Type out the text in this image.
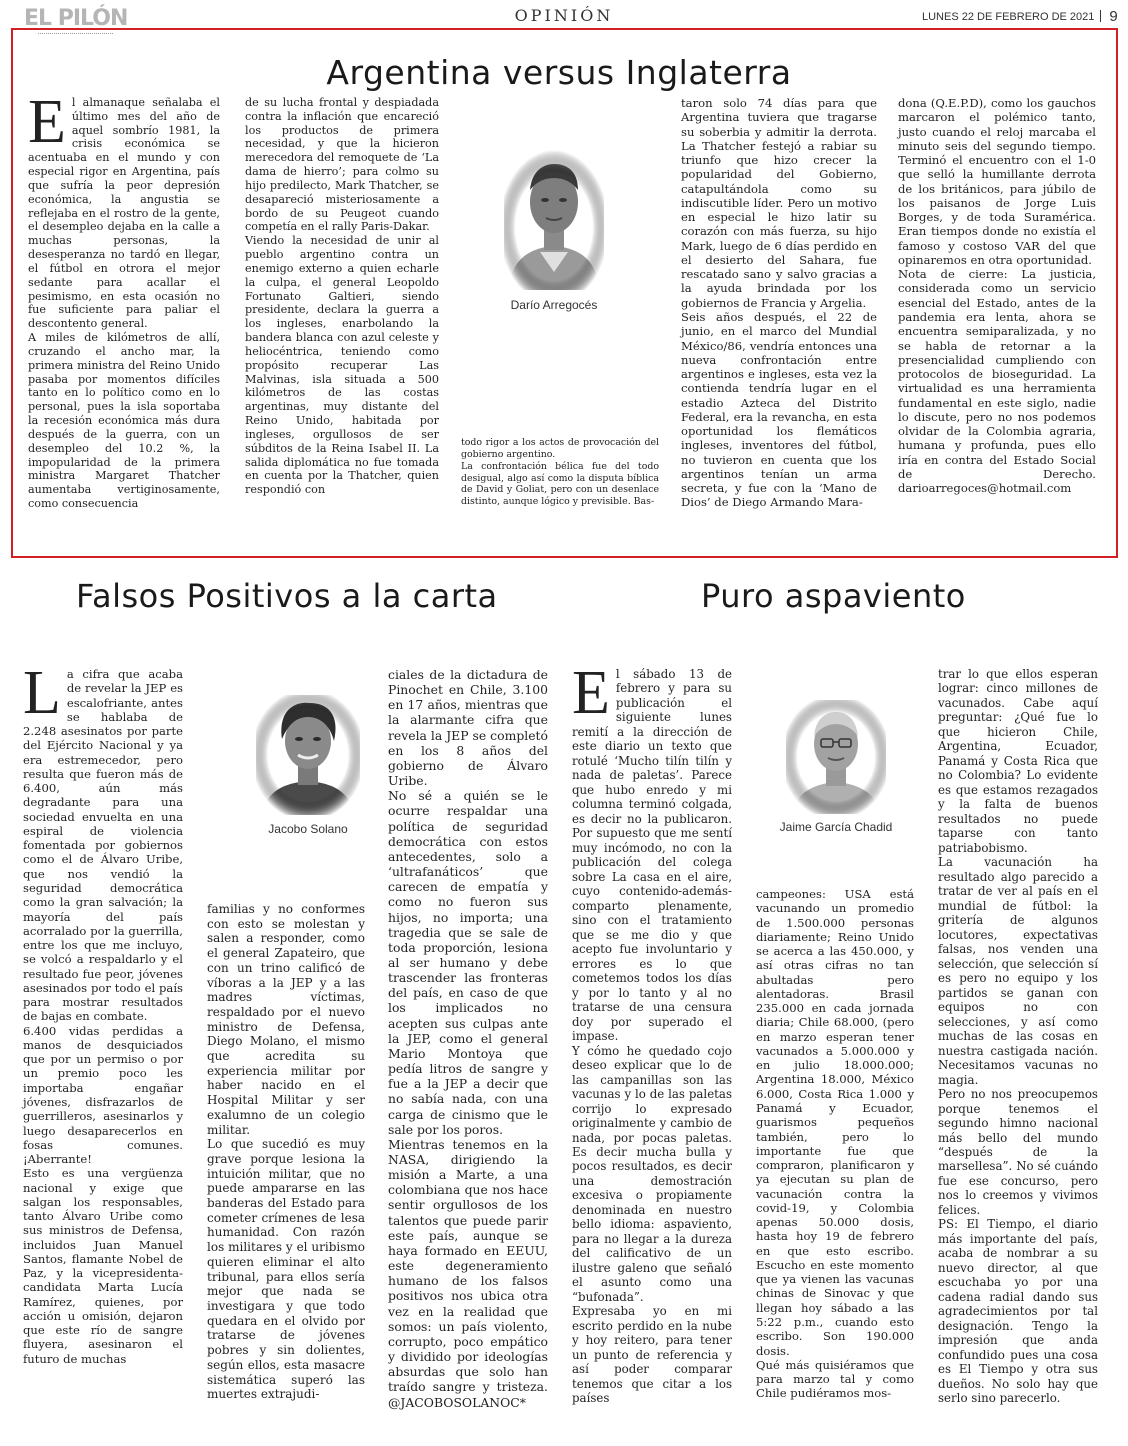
EL PILÓN	OPINIÓN	LUNES 22 DE FEBRERO DE 2021 9
Argentina versus Inglaterra
E l almanaque señalaba el último mes del año de aquel sombrío 1981, la crisis económica se acentuaba en el mundo y con especial rigor en Argentina, país que sufría la peor depresión económica, la angustia se reflejaba en el rostro de la gente, el desempleo dejaba en la calle a muchas personas, la desesperanza no tardó en llegar, el fútbol en otrora el mejor sedante para acallar el pesimismo, en esta ocasión no fue suficiente para paliar el descontento general.

A miles de kilómetros de allí, cruzando el ancho mar, la primera ministra del Reino Unido pasaba por momentos difíciles tanto en lo político como en lo personal, pues la isla soportaba la recesión económica más dura después de la guerra, con un desempleo del 10.2 %, la impopularidad de la primera ministra Margaret Thatcher aumentaba vertiginosamente, como consecuencia

de su lucha frontal y despiadada contra la inflación que encareció los productos de primera necesidad, y que la hicieron merecedora del remoquete de ‘La dama de hierro’; para colmo su hijo predilecto, Mark Thatcher, se desapareció misteriosamente a bordo de su Peugeot cuando competía en el rally Paris-Dakar.

Viendo la necesidad de unir al pueblo argentino contra un enemigo externo a quien echarle la culpa, el general Leopoldo Fortunato Galtieri, siendo presidente, declara la guerra a los ingleses, enarbolando la bandera blanca con azul celeste y heliocéntrica, teniendo como propósito recuperar Las Malvinas, isla situada a 500 kilómetros de las costas argentinas, muy distante del Reino Unido, habitada por ingleses, orgullosos de ser súbditos de la Reina Isabel II. La salida diplomática no fue tomada en cuenta por la Thatcher, quien respondió con

Darío Arregocés

todo rigor a los actos de provocación del gobierno argentino.

La confrontación bélica fue del todo desigual, algo así como la disputa bíblica de David y Goliat, pero con un desenlace distinto, aunque lógico y previsible. Bas-

taron solo 74 días para que Argentina tuviera que tragarse su soberbia y admitir la derrota. La Thatcher festejó a rabiar su triunfo que hizo crecer la popularidad del Gobierno, catapultándola como su indiscutible líder. Pero un motivo en especial le hizo latir su corazón con más fuerza, su hijo Mark, luego de 6 días perdido en el desierto del Sahara, fue rescatado sano y salvo gracias a la ayuda brindada por los gobiernos de Francia y Argelia.

Seis años después, el 22 de junio, en el marco del Mundial México/86, vendría entonces una nueva confrontación entre argentinos e ingleses, esta vez la contienda tendría lugar en el estadio Azteca del Distrito Federal, era la revancha, en esta oportunidad los flemáticos ingleses, inventores del fútbol, no tuvieron en cuenta que los argentinos tenían un arma secreta, y fue con la ‘Mano de Dios’ de Diego Armando Mara-

dona (Q.E.P.D), como los gauchos marcaron el polémico tanto, justo cuando el reloj marcaba el minuto seis del segundo tiempo. Terminó el encuentro con el 1-0 que selló la humillante derrota de los británicos, para júbilo de los paisanos de Jorge Luis Borges, y de toda Suramérica. Eran tiempos donde no existía el famoso y costoso VAR del que opinaremos en otra oportunidad.

Nota de cierre: La justicia, considerada como un servicio esencial del Estado, antes de la pandemia era lenta, ahora se encuentra semiparalizada, y no se habla de retornar a la presencialidad cumpliendo con protocolos de bioseguridad. La virtualidad es una herramienta fundamental en este siglo, nadie lo discute, pero no nos podemos olvidar de la Colombia agraria, humana y profunda, pues ello iría en contra del Estado Social de Derecho. darioarregoces@hotmail.com

Falsos Positivos a la carta
L a cifra que acaba de revelar la JEP es escalofriante, antes se hablaba de 2.248 asesinatos por parte del Ejército Nacional y ya era estremecedor, pero resulta que fueron más de 6.400, aún más degradante para una sociedad envuelta en una espiral de violencia fomentada por gobiernos como el de Álvaro Uribe, que nos vendió la seguridad democrática como la gran salvación; la mayoría del país acorralado por la guerrilla, entre los que me incluyo, se volcó a respaldarlo y el resultado fue peor, jóvenes asesinados por todo el país para mostrar resultados de bajas en combate.

6.400 vidas perdidas a manos de desquiciados que por un permiso o por un premio poco les importaba engañar jóvenes, disfrazarlos de guerrilleros, asesinarlos y luego desaparecerlos en fosas comunes. ¡Aberrante!

Esto es una vergüenza nacional y exige que salgan los responsables, tanto Álvaro Uribe como sus ministros de Defensa, incluidos Juan Manuel Santos, flamante Nobel de Paz, y la vicepresidenta-candidata Marta Lucía Ramírez, quienes, por acción u omisión, dejaron que este río de sangre fluyera, asesinaron el futuro de muchas

Jacobo Solano

familias y no conformes con esto se molestan y salen a responder, como el general Zapateiro, que con un trino calificó de víboras a la JEP y a las madres víctimas, respaldado por el nuevo ministro de Defensa, Diego Molano, el mismo que acredita su experiencia militar por haber nacido en el Hospital Militar y ser exalumno de un colegio militar.

Lo que sucedió es muy grave porque lesiona la intuición militar, que no puede ampararse en las banderas del Estado para cometer crímenes de lesa humanidad. Con razón los militares y el uribismo quieren eliminar el alto tribunal, para ellos sería mejor que nada se investigara y que todo quedara en el olvido por tratarse de jóvenes pobres y sin dolientes, según ellos, esta masacre sistemática superó las muertes extrajudi-

ciales de la dictadura de Pinochet en Chile, 3.100 en 17 años, mientras que la alarmante cifra que revela la JEP se completó en los 8 años del gobierno de Álvaro Uribe.

No sé a quién se le ocurre respaldar una política de seguridad democrática con estos antecedentes, solo a ‘ultrafanáticos’ que carecen de empatía y como no fueron sus hijos, no importa; una tragedia que se sale de toda proporción, lesiona al ser humano y debe trascender las fronteras del país, en caso de que los implicados no acepten sus culpas ante la JEP, como el general Mario Montoya que pedía litros de sangre y fue a la JEP a decir que no sabía nada, con una carga de cinismo que le sale por los poros.

Mientras tenemos en la NASA, dirigiendo la misión a Marte, a una colombiana que nos hace sentir orgullosos de los talentos que puede parir este país, aunque se haya formado en EEUU, este degeneramiento humano de los falsos positivos nos ubica otra vez en la realidad que somos: un país violento, corrupto, poco empático y dividido por ideologías absurdas que solo han traído sangre y tristeza. @JACOBOSOLANOC*

Puro aspaviento
E l sábado 13 de febrero y para su publicación el siguiente lunes remití a la dirección de este diario un texto que rotulé ‘Mucho tilín tilín y nada de paletas’. Parece que hubo enredo y mi columna terminó colgada, es decir no la publicaron. Por supuesto que me sentí muy incómodo, no con la publicación del colega sobre La casa en el aire, cuyo contenido-además- comparto plenamente, sino con el tratamiento que se me dio y que acepto fue involuntario y errores es lo que cometemos todos los días y por lo tanto y al no tratarse de una censura doy por superado el impase.

Y cómo he quedado cojo deseo explicar que lo de las campanillas son las vacunas y lo de las paletas corrijo lo expresado originalmente y cambio de nada, por pocas paletas. Es decir mucha bulla y pocos resultados, es decir una demostración excesiva o propiamente denominada en nuestro bello idioma: aspaviento, para no llegar a la dureza del calificativo de un ilustre galeno que señaló el asunto como una “bufonada”.

Expresaba yo en mi escrito perdido en la nube y hoy reitero, para tener un punto de referencia y así poder comparar tenemos que citar a los países

Jaime García Chadid

campeones: USA está vacunando un promedio de 1.500.000 personas diariamente; Reino Unido se acerca a las 450.000, y así otras cifras no tan abultadas pero alentadoras. Brasil 235.000 en cada jornada diaria; Chile 68.000, (pero en marzo esperan tener vacunados a 5.000.000 y en julio 18.000.000; Argentina 18.000, México 6.000, Costa Rica 1.000 y Panamá y Ecuador, guarismos pequeños también, pero lo importante fue que compraron, planificaron y ya ejecutan su plan de vacunación contra la covid-19, y Colombia apenas 50.000 dosis, hasta hoy 19 de febrero en que esto escribo. Escucho en este momento que ya vienen las vacunas chinas de Sinovac y que llegan hoy sábado a las 5:22 p.m., cuando esto escribo. Son 190.000 dosis.

Qué más quisiéramos que para marzo tal y como Chile pudiéramos mos-

trar lo que ellos esperan lograr: cinco millones de vacunados. Cabe aquí preguntar: ¿Qué fue lo que hicieron Chile, Argentina, Ecuador, Panamá y Costa Rica que no Colombia? Lo evidente es que estamos rezagados y la falta de buenos resultados no puede taparse con tanto patriabobismo.

La vacunación ha resultado algo parecido a tratar de ver al país en el mundial de fútbol: la gritería de algunos locutores, expectativas falsas, nos venden una selección, que selección sí es pero no equipo y los partidos se ganan con equipos no con selecciones, y así como muchas de las cosas en nuestra castigada nación. Necesitamos vacunas no magia.

Pero no nos preocupemos porque tenemos el segundo himno nacional más bello del mundo “después de la marsellesa”. No sé cuándo fue ese concurso, pero nos lo creemos y vivimos felices.

PS: El Tiempo, el diario más importante del país, acaba de nombrar a su nuevo director, al que escuchaba yo por una cadena radial dando sus agradecimientos por tal designación. Tengo la impresión que anda confundido pues una cosa es El Tiempo y otra sus dueños. No solo hay que serlo sino parecerlo.
